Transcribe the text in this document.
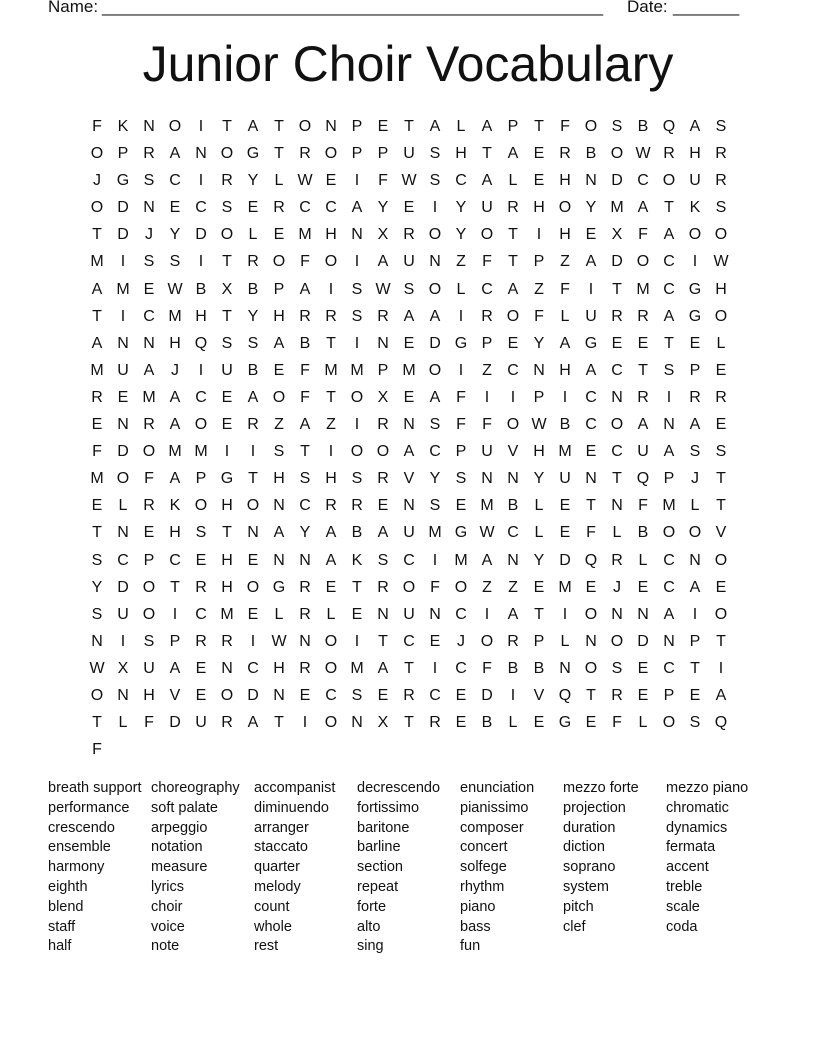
Name: _____________________________________________________ Date: _______
Junior Choir Vocabulary
F K N O	I	T A T O N P E T A	L	A P T	F O S B Q A S
O P R A N O G T R O P P U S H T A E R B O W R H R
J G S C	I	R Y	L W E	I	F W S C A	L	E H N D C O U R
O D N E C S E R C C A Y E	I	Y U R H O Y M A T K S
T D	J	Y D O L	E M H N X R O Y O T	I	H E X F A O O
M	I	S S	I	T R O F O	I	A U N Z	F	T P Z A D O C	I	W
A M E W B X B P A	I	S W S O L C A Z	F	I	T M C G H
T	I	C M H T Y H R R S R A A	I	R O F	L U R R A G O
A N N H Q S S A B T	I	N E D G P E Y A G E E T E	L
M U A	J	I	U B E F M M P M O	I	Z C N H A C T S P E
R E M A C E A O F	T O X E A F	I	I	P	I	C N R	I	R R
E N R A O E R Z A Z	I	R N S F	F O W B C O A N A E
F D O M M	I	I	S T	I	O O A C P U V H M E C U A S S
M O F A P G T H S H S R V Y S N N Y U N T Q P	J	T
E	L R K O H O N C R R E N S E M B	L	E T N F M L	T
T N E H S T N A Y A B A U M G W C L	E F	L	B O O V
S C P C E H E N N A K S C	I	M A N Y D Q R L C N O
Y D O T R H O G R E T R O F O Z	Z E M E	J	E C A E
S U O	I	C M E	L R L	E N U N C	I	A T	I	O N N A	I	O
N	I	S P R R	I	W N O	I	T C E	J O R P	L N O D N P T
W X U A E N C H R O M A T	I	C F B B N O S E C T	I
O N H V E O D N E C S E R C E D	I	V Q T R E P E A
T	L	F D U R A T	I	O N X T R E B	L	E G E F	L O S Q
F
breath support choreography accompanist	decrescendo	enunciation	mezzo forte	mezzo piano
performance	soft palate	diminuendo	fortissimo	pianissimo	projection	chromatic
crescendo	arpeggio	arranger	baritone	composer	duration	dynamics
ensemble	notation	staccato	barline	concert	diction	fermata
harmony	measure	quarter	section	solfege	soprano	accent
eighth	lyrics	melody	repeat	rhythm	system	treble
blend	choir	count	forte	piano	pitch	scale
staff	voice	whole	alto	bass	clef	coda
half	note	rest	sing	fun
